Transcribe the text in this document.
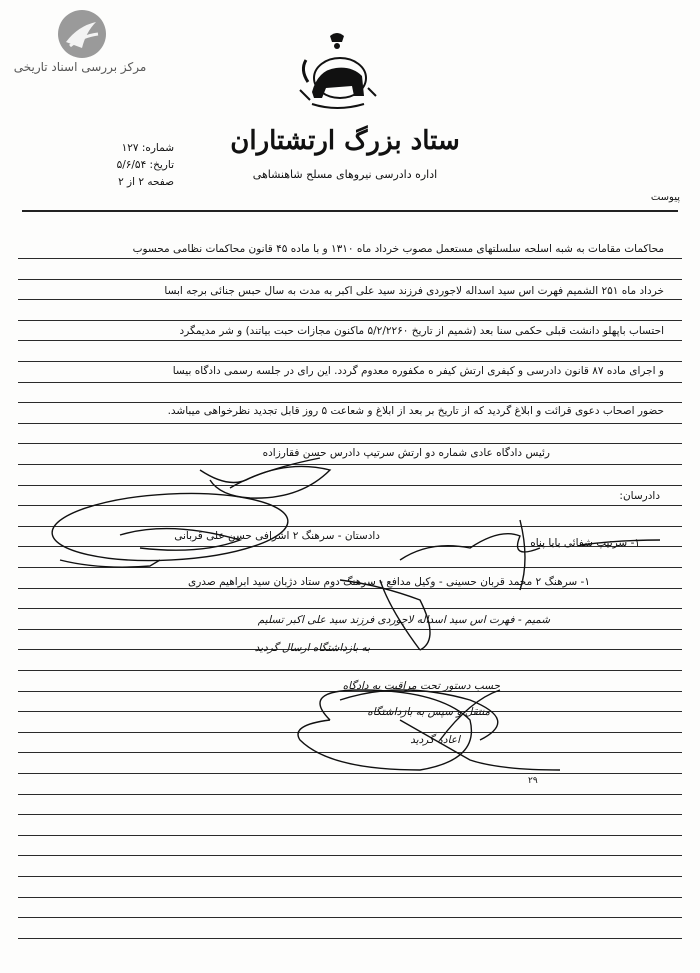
مرکز بررسی اسناد تاریخی
ستاد بزرگ ارتشتاران
اداره دادرسی نیروهای مسلح شاهنشاهی
شماره: ۱۲۷
تاریخ: ۵/۶/۵۴
صفحه ۲ از ۲
پیوست
محاکمات مقامات به شبه اسلحه سلسلتهای مستعمل مصوب خرداد ماه ۱۳۱۰ و با ماده ۴۵ قانون محاکمات نظامی محسوب
خرداد ماه ۲۵۱ الشمیم فهرت اس سید اسداله لاجوردی فرزند سید علی اکبر به مدت به سال حبس جنائی برجه ابسا
احتساب باپهلو دانشت قبلی حکمی سنا بعد (شمیم از تاریخ ۵/۲/۲۲۶۰ ماکنون مجازات حبت بیاتند) و شر مدیمگرد
و اجرای ماده ۸۷ قانون دادرسی و کیفری ارتش کیفر ه مکفوره معدوم گردد. این رای در جلسه رسمی دادگاه بیسا
حضور اصحاب دعوی قرائت و ابلاغ گردید که از تاریخ بر بعد از ابلاغ و شعاعت ۵ روز قابل تجدید نظرخواهی میباشد.
رئیس دادگاه عادی شماره دو ارتش سرتیپ دادرس حسن فقارزاده
دادرسان:
۱- سرتیپ شفائی بابا پناه
دادستان - سرهنگ ۲ اشرافی حسن علی قربانی
۱- سرهنگ ۲ محمد قربان حسینی - وکیل مدافع - سرهنگ دوم ستاد دژبان سید ابراهیم صدری
شمیم - فهرت اس سید اسداله لاجوردی فرزند سید علی اکبر تسلیم
به بازداشتگاه ارسال گردید
حسب دستور تحت مراقبت به دادگاه
منتقل و سپس به بازداشتگاه
اعاده گردید
۲۹
